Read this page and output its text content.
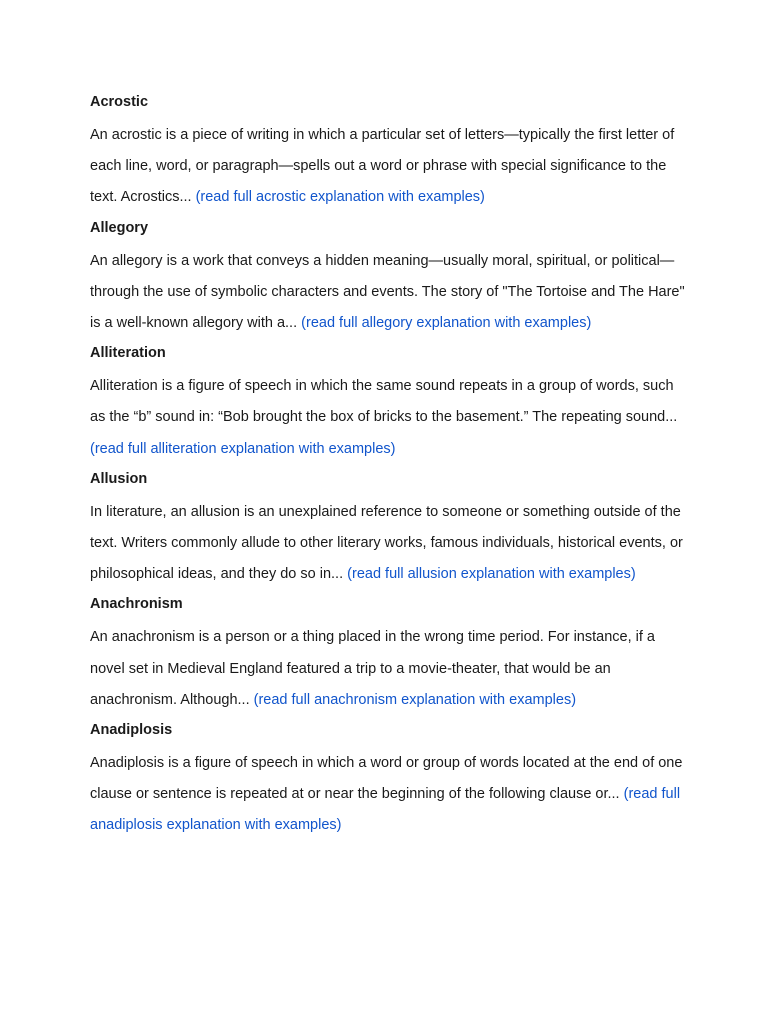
Acrostic

An acrostic is a piece of writing in which a particular set of letters—typically the first letter of each line, word, or paragraph—spells out a word or phrase with special significance to the text. Acrostics... (read full acrostic explanation with examples)

Allegory

An allegory is a work that conveys a hidden meaning—usually moral, spiritual, or political—through the use of symbolic characters and events. The story of "The Tortoise and The Hare" is a well-known allegory with a... (read full allegory explanation with examples)

Alliteration

Alliteration is a figure of speech in which the same sound repeats in a group of words, such as the “b” sound in: “Bob brought the box of bricks to the basement.” The repeating sound... (read full alliteration explanation with examples)

Allusion

In literature, an allusion is an unexplained reference to someone or something outside of the text. Writers commonly allude to other literary works, famous individuals, historical events, or philosophical ideas, and they do so in... (read full allusion explanation with examples)

Anachronism

An anachronism is a person or a thing placed in the wrong time period. For instance, if a novel set in Medieval England featured a trip to a movie-theater, that would be an anachronism. Although... (read full anachronism explanation with examples)

Anadiplosis

Anadiplosis is a figure of speech in which a word or group of words located at the end of one clause or sentence is repeated at or near the beginning of the following clause or... (read full anadiplosis explanation with examples)
